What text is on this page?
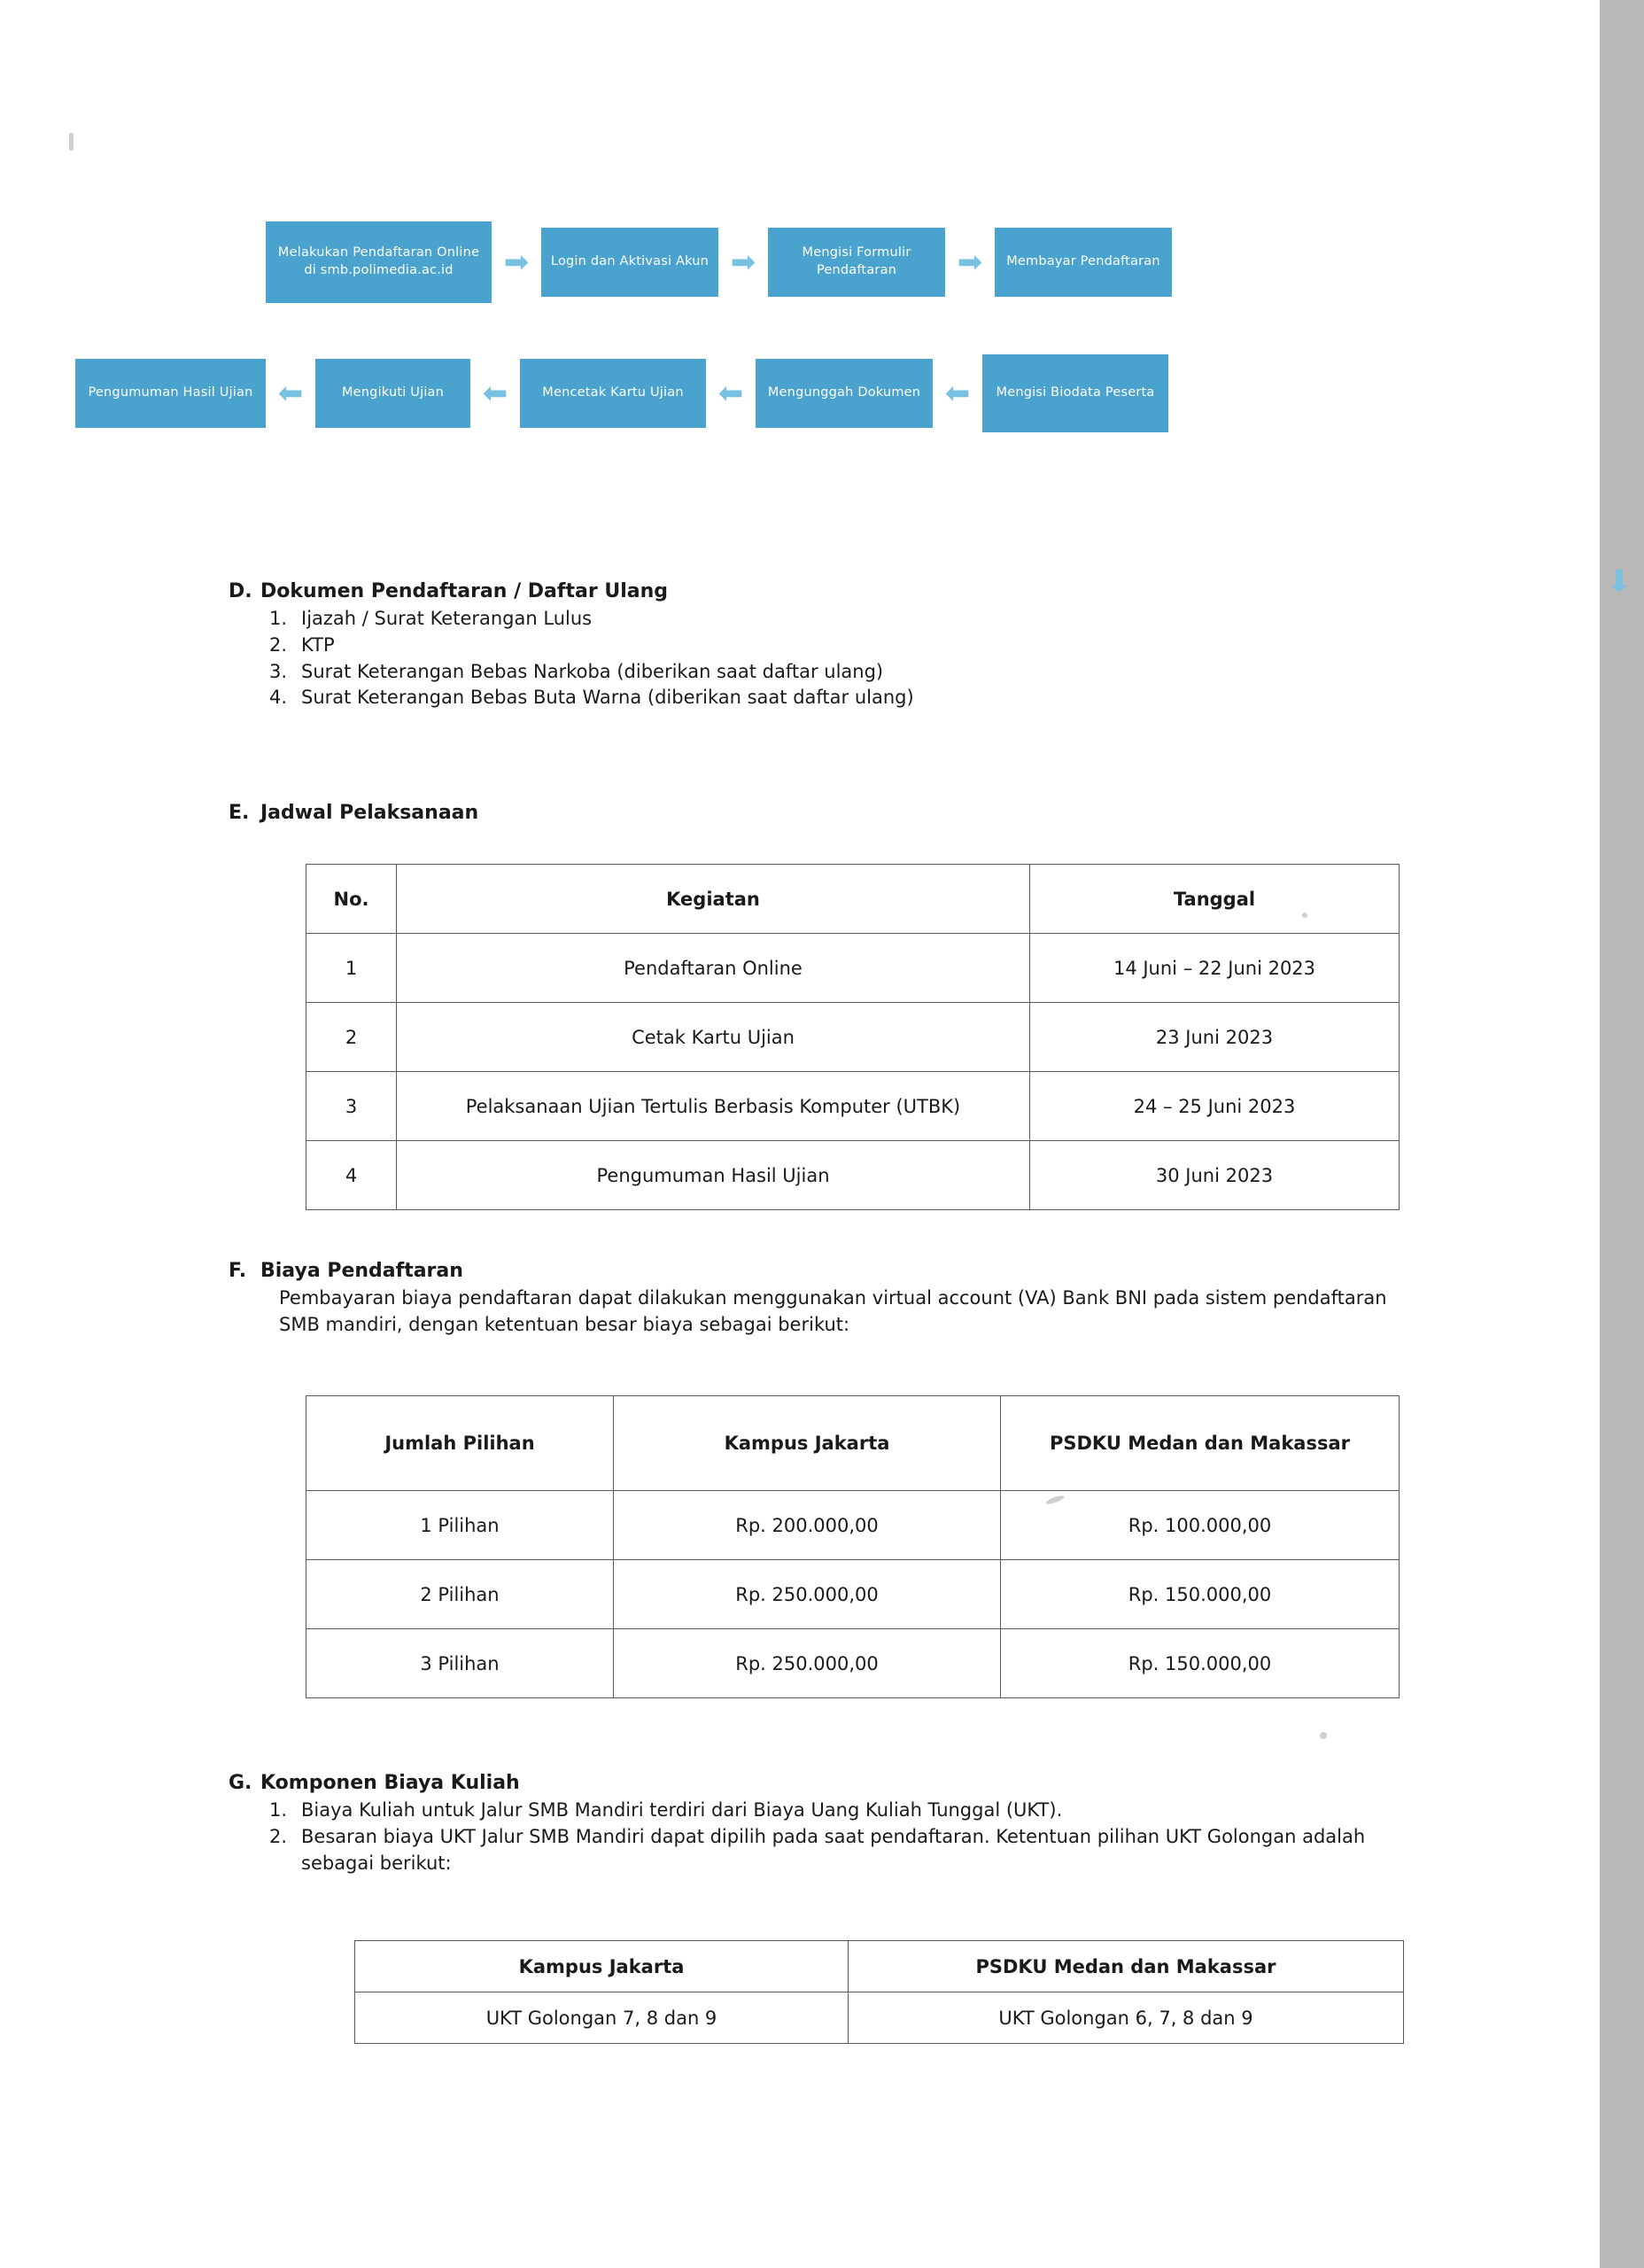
Melakukan Pendaftaran Online di smb.polimedia.ac.id	➡	Login dan Aktivasi Akun ➡	Mengisi Formulir Pendaftaran	➡	Membayar Pendaftaran
⬇
Pengumuman Hasil Ujian ⬅	Mengikuti Ujian	⬅	Mencetak Kartu Ujian	⬅	Mengunggah Dokumen ⬅	Mengisi Biodata Peserta
D. Dokumen Pendaftaran / Daftar Ulang
1. Ijazah / Surat Keterangan Lulus
2. KTP
3. Surat Keterangan Bebas Narkoba (diberikan saat daftar ulang)
4. Surat Keterangan Bebas Buta Warna (diberikan saat daftar ulang)
E. Jadwal Pelaksanaan
No.	Kegiatan	Tanggal
1	Pendaftaran Online	14 Juni – 22 Juni 2023
2	Cetak Kartu Ujian	23 Juni 2023
3	Pelaksanaan Ujian Tertulis Berbasis Komputer (UTBK)	24 – 25 Juni 2023
4	Pengumuman Hasil Ujian	30 Juni 2023
F. Biaya Pendaftaran
Pembayaran biaya pendaftaran dapat dilakukan menggunakan virtual account (VA) Bank BNI pada sistem pendaftaran SMB mandiri, dengan ketentuan besar biaya sebagai berikut:
Jumlah Pilihan	Kampus Jakarta	PSDKU Medan dan Makassar
1 Pilihan	Rp. 200.000,00	Rp. 100.000,00
2 Pilihan	Rp. 250.000,00	Rp. 150.000,00
3 Pilihan	Rp. 250.000,00	Rp. 150.000,00
G. Komponen Biaya Kuliah
1. Biaya Kuliah untuk Jalur SMB Mandiri terdiri dari Biaya Uang Kuliah Tunggal (UKT).
2. Besaran biaya UKT Jalur SMB Mandiri dapat dipilih pada saat pendaftaran. Ketentuan pilihan UKT Golongan adalah sebagai berikut:
Kampus Jakarta	PSDKU Medan dan Makassar
UKT Golongan 7, 8 dan 9	UKT Golongan 6, 7, 8 dan 9
